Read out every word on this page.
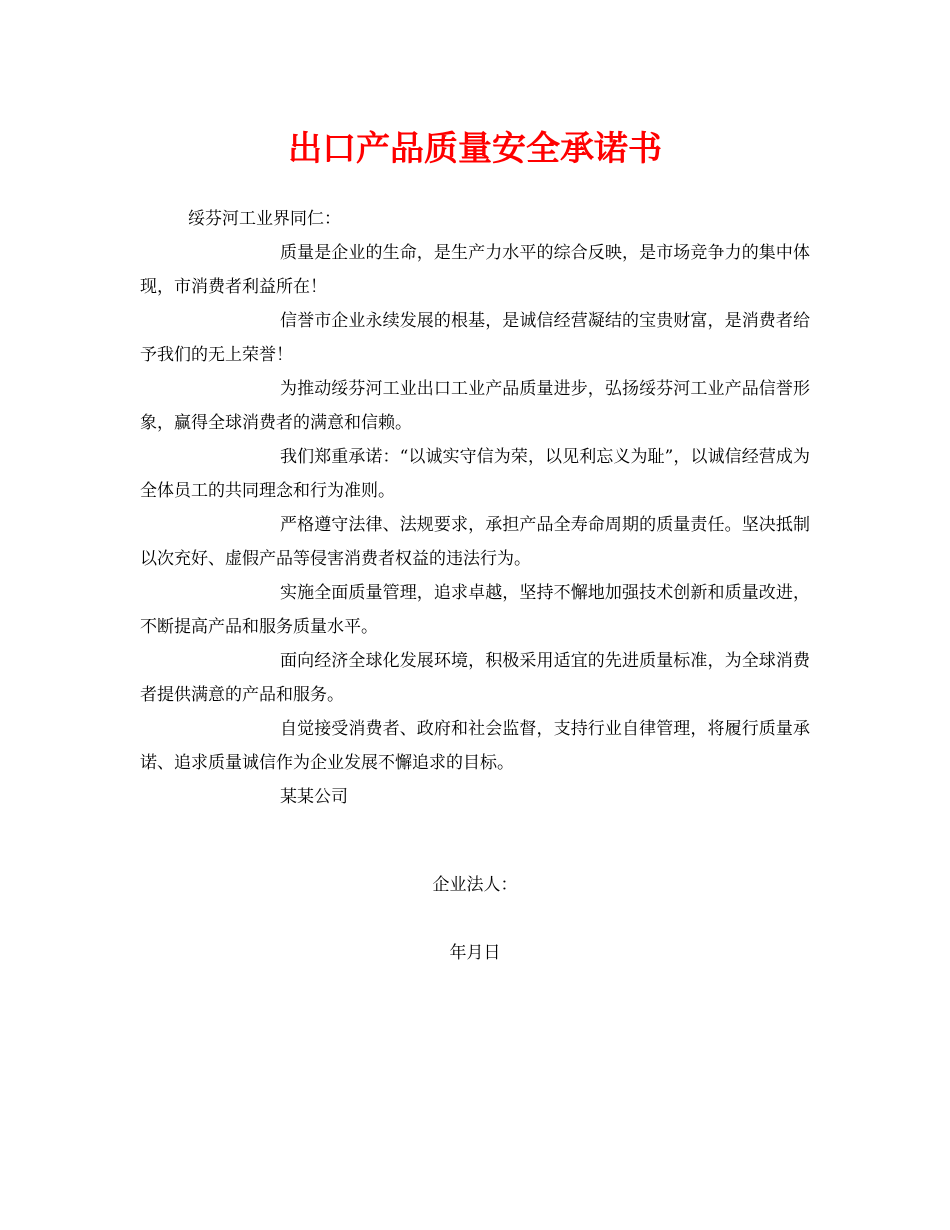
出口产品质量安全承诺书

绥芬河工业界同仁：

质量是企业的生命，是生产力水平的综合反映，是市场竞争力的集中体现，市消费者利益所在！

信誉市企业永续发展的根基，是诚信经营凝结的宝贵财富，是消费者给予我们的无上荣誉！

为推动绥芬河工业出口工业产品质量进步，弘扬绥芬河工业产品信誉形象，赢得全球消费者的满意和信赖。

我们郑重承诺：“以诚实守信为荣，以见利忘义为耻”，以诚信经营成为全体员工的共同理念和行为准则。

严格遵守法律、法规要求，承担产品全寿命周期的质量责任。坚决抵制以次充好、虚假产品等侵害消费者权益的违法行为。

实施全面质量管理，追求卓越，坚持不懈地加强技术创新和质量改进，不断提高产品和服务质量水平。

面向经济全球化发展环境，积极采用适宜的先进质量标准，为全球消费者提供满意的产品和服务。

自觉接受消费者、政府和社会监督，支持行业自律管理，将履行质量承诺、追求质量诚信作为企业发展不懈追求的目标。

某某公司

企业法人：

年月日
